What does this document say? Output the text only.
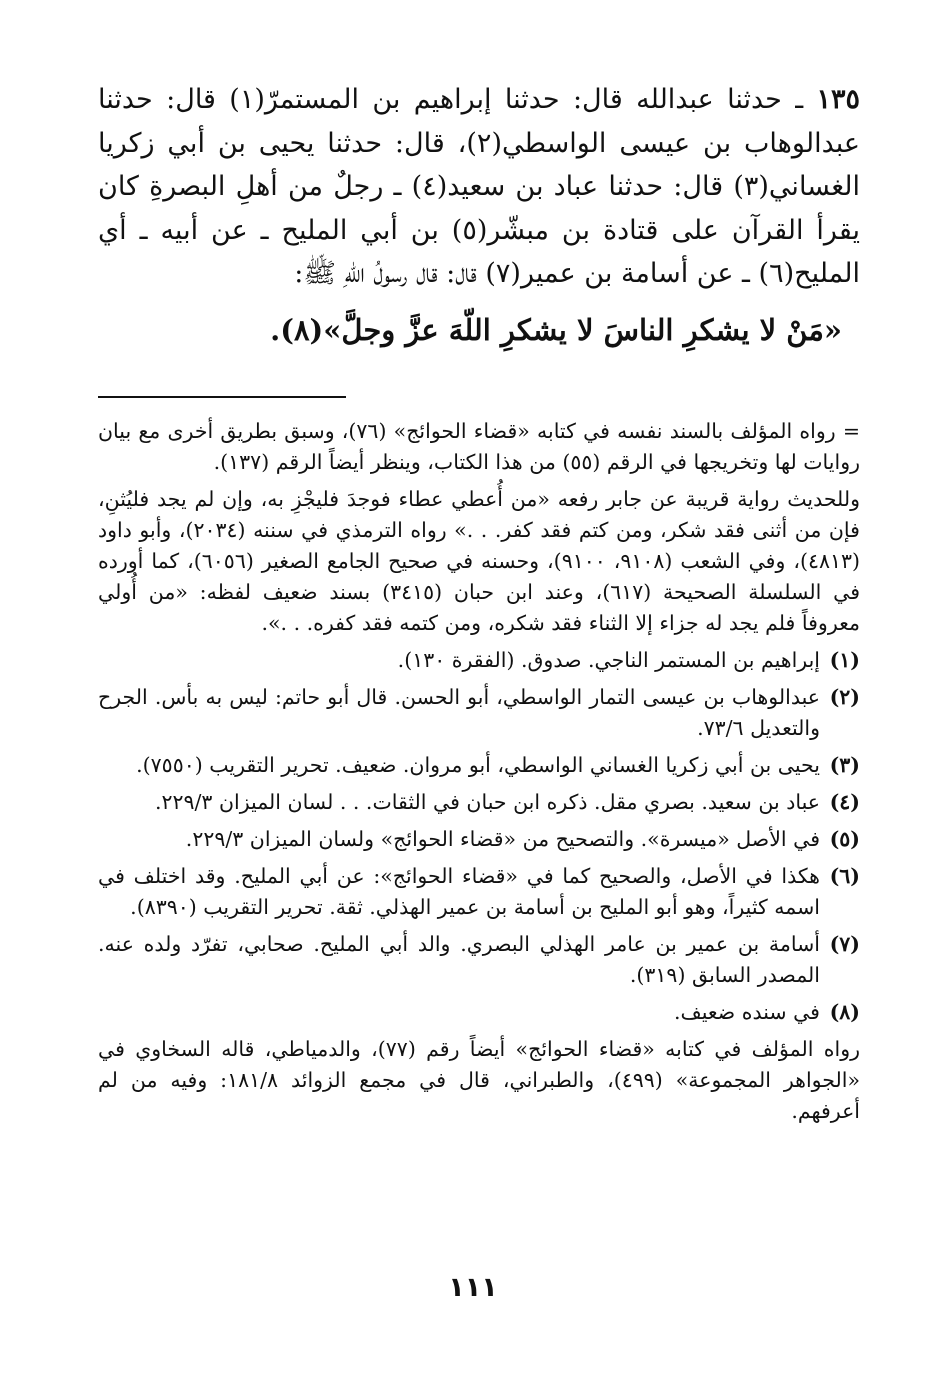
١٣٥ ـ حدثنا عبدالله قال: حدثنا إبراهيم بن المستمرّ(١) قال: حدثنا عبدالوهاب بن عيسى الواسطي(٢)، قال: حدثنا يحيى بن أبي زكريا الغساني(٣) قال: حدثنا عباد بن سعيد(٤) ـ رجلٌ من أهلِ البصرةِ كان يقرأ القرآن على قتادة بن مبشّر(٥) بن أبي المليح ـ عن أبيه ـ أي المليح(٦) ـ عن أسامة بن عمير(٧) قال: قال رسولُ اللّهِ ﷺ:

«مَنْ لا يشكرِ الناسَ لا يشكرِ اللّهَ عزَّ وجلَّ»(٨).

= رواه المؤلف بالسند نفسه في كتابه «قضاء الحوائج» (٧٦)، وسبق بطريق أخرى مع بيان روايات لها وتخريجها في الرقم (٥٥) من هذا الكتاب، وينظر أيضاً الرقم (١٣٧).

وللحديث رواية قريبة عن جابر رفعه «من أُعطي عطاء فوجدَ فليجْزِ به، وإن لم يجد فليُثنِ، فإن من أثنى فقد شكر، ومن كتم فقد كفر. . .» رواه الترمذي في سننه (٢٠٣٤)، وأبو داود (٤٨١٣)، وفي الشعب (٩١٠٨، ٩١٠٠)، وحسنه في صحيح الجامع الصغير (٦٠٥٦)، كما أورده في السلسلة الصحيحة (٦١٧)، وعند ابن حبان (٣٤١٥) بسند ضعيف لفظه: «من أُولي معروفاً فلم يجد له جزاء إلا الثناء فقد شكره، ومن كتمه فقد كفره. . .».

(١)
إبراهيم بن المستمر الناجي. صدوق. (الفقرة ١٣٠).
(٢)
عبدالوهاب بن عيسى التمار الواسطي، أبو الحسن. قال أبو حاتم: ليس به بأس. الجرح والتعديل ٧٣/٦.
(٣)
يحيى بن أبي زكريا الغساني الواسطي، أبو مروان. ضعيف. تحرير التقريب (٧٥٥٠).
(٤)
عباد بن سعيد. بصري مقل. ذكره ابن حبان في الثقات. . . لسان الميزان ٢٢٩/٣.
(٥)
في الأصل «ميسرة». والتصحيح من «قضاء الحوائج» ولسان الميزان ٢٢٩/٣.
(٦)
هكذا في الأصل، والصحيح كما في «قضاء الحوائج»: عن أبي المليح. وقد اختلف في اسمه كثيراً، وهو أبو المليح بن أسامة بن عمير الهذلي. ثقة. تحرير التقريب (٨٣٩٠).
(٧)
أسامة بن عمير بن عامر الهذلي البصري. والد أبي المليح. صحابي، تفرّد ولده عنه. المصدر السابق (٣١٩).
(٨)
في سنده ضعيف.

رواه المؤلف في كتابه «قضاء الحوائج» أيضاً رقم (٧٧)، والدمياطي، قاله السخاوي في «الجواهر المجموعة» (٤٩٩)، والطبراني، قال في مجمع الزوائد ١٨١/٨: وفيه من لم أعرفهم.

١١١
